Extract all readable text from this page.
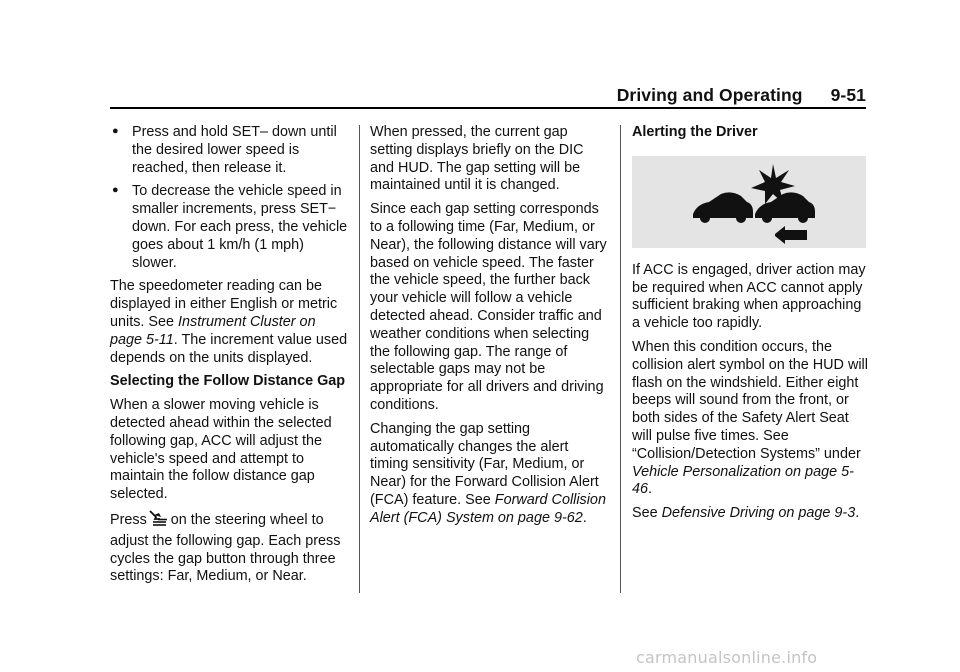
Driving and Operating 9-51
● Press and hold SET– down until the desired lower speed is reached, then release it.
● To decrease the vehicle speed in smaller increments, press SET− down. For each press, the vehicle goes about 1 km/h (1 mph) slower.

The speedometer reading can be displayed in either English or metric units. See Instrument Cluster on page 5-11. The increment value used depends on the units displayed.

Selecting the Follow Distance Gap

When a slower moving vehicle is detected ahead within the selected following gap, ACC will adjust the vehicle's speed and attempt to maintain the follow distance gap selected.

Press on the steering wheel to adjust the following gap. Each press cycles the gap button through three settings: Far, Medium, or Near.

When pressed, the current gap setting displays briefly on the DIC and HUD. The gap setting will be maintained until it is changed.

Since each gap setting corresponds to a following time (Far, Medium, or Near), the following distance will vary based on vehicle speed. The faster the vehicle speed, the further back your vehicle will follow a vehicle detected ahead. Consider traffic and weather conditions when selecting the following gap. The range of selectable gaps may not be appropriate for all drivers and driving conditions.

Changing the gap setting automatically changes the alert timing sensitivity (Far, Medium, or Near) for the Forward Collision Alert (FCA) feature. See Forward Collision Alert (FCA) System on page 9-62.

Alerting the Driver

If ACC is engaged, driver action may be required when ACC cannot apply sufficient braking when approaching a vehicle too rapidly.

When this condition occurs, the collision alert symbol on the HUD will flash on the windshield. Either eight beeps will sound from the front, or both sides of the Safety Alert Seat will pulse five times. See “Collision/Detection Systems” under Vehicle Personalization on page 5-46.

See Defensive Driving on page 9-3.

carmanualsonline.info
